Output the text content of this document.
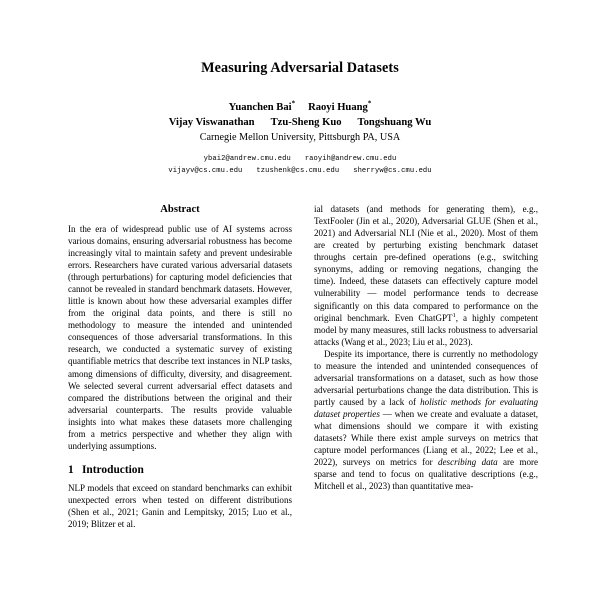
Measuring Adversarial Datasets
Yuanchen Bai* Raoyi Huang*
Vijay Viswanathan Tzu-Sheng Kuo Tongshuang Wu
Carnegie Mellon University, Pittsburgh PA, USA
ybai2@andrew.cmu.edu raoyih@andrew.cmu.edu
vijayv@cs.cmu.edu tzushenk@cs.cmu.edu sherryw@cs.cmu.edu
Abstract

In the era of widespread public use of AI systems across various domains, ensuring adversarial robustness has become increasingly vital to maintain safety and prevent undesirable errors. Researchers have curated various adversarial datasets (through perturbations) for capturing model deficiencies that cannot be revealed in standard benchmark datasets. However, little is known about how these adversarial examples differ from the original data points, and there is still no methodology to measure the intended and unintended consequences of those adversarial transformations. In this research, we conducted a systematic survey of existing quantifiable metrics that describe text instances in NLP tasks, among dimensions of difficulty, diversity, and disagreement. We selected several current adversarial effect datasets and compared the distributions between the original and their adversarial counterparts. The results provide valuable insights into what makes these datasets more challenging from a metrics perspective and whether they align with underlying assumptions.

1 Introduction

NLP models that exceed on standard benchmarks can exhibit unexpected errors when tested on different distributions (Shen et al., 2021; Ganin and Lempitsky, 2015; Luo et al., 2019; Blitzer et al.

ial datasets (and methods for generating them), e.g., TextFooler (Jin et al., 2020), Adversarial GLUE (Shen et al., 2021) and Adversarial NLI (Nie et al., 2020). Most of them are created by perturbing existing benchmark dataset throughs certain pre-defined operations (e.g., switching synonyms, adding or removing negations, changing the time). Indeed, these datasets can effectively capture model vulnerability — model performance tends to decrease significantly on this data compared to performance on the original benchmark. Even ChatGPT$^1$, a highly competent model by many measures, still lacks robustness to adversarial attacks (Wang et al., 2023; Liu et al., 2023).

Despite its importance, there is currently no methodology to measure the intended and unintended consequences of adversarial transformations on a dataset, such as how those adversarial perturbations change the data distribution. This is partly caused by a lack of holistic methods for evaluating dataset properties — when we create and evaluate a dataset, what dimensions should we compare it with existing datasets? While there exist ample surveys on metrics that capture model performances (Liang et al., 2022; Lee et al., 2022), surveys on metrics for describing data are more sparse and tend to focus on qualitative descriptions (e.g., Mitchell et al., 2023) than quantitative mea-
